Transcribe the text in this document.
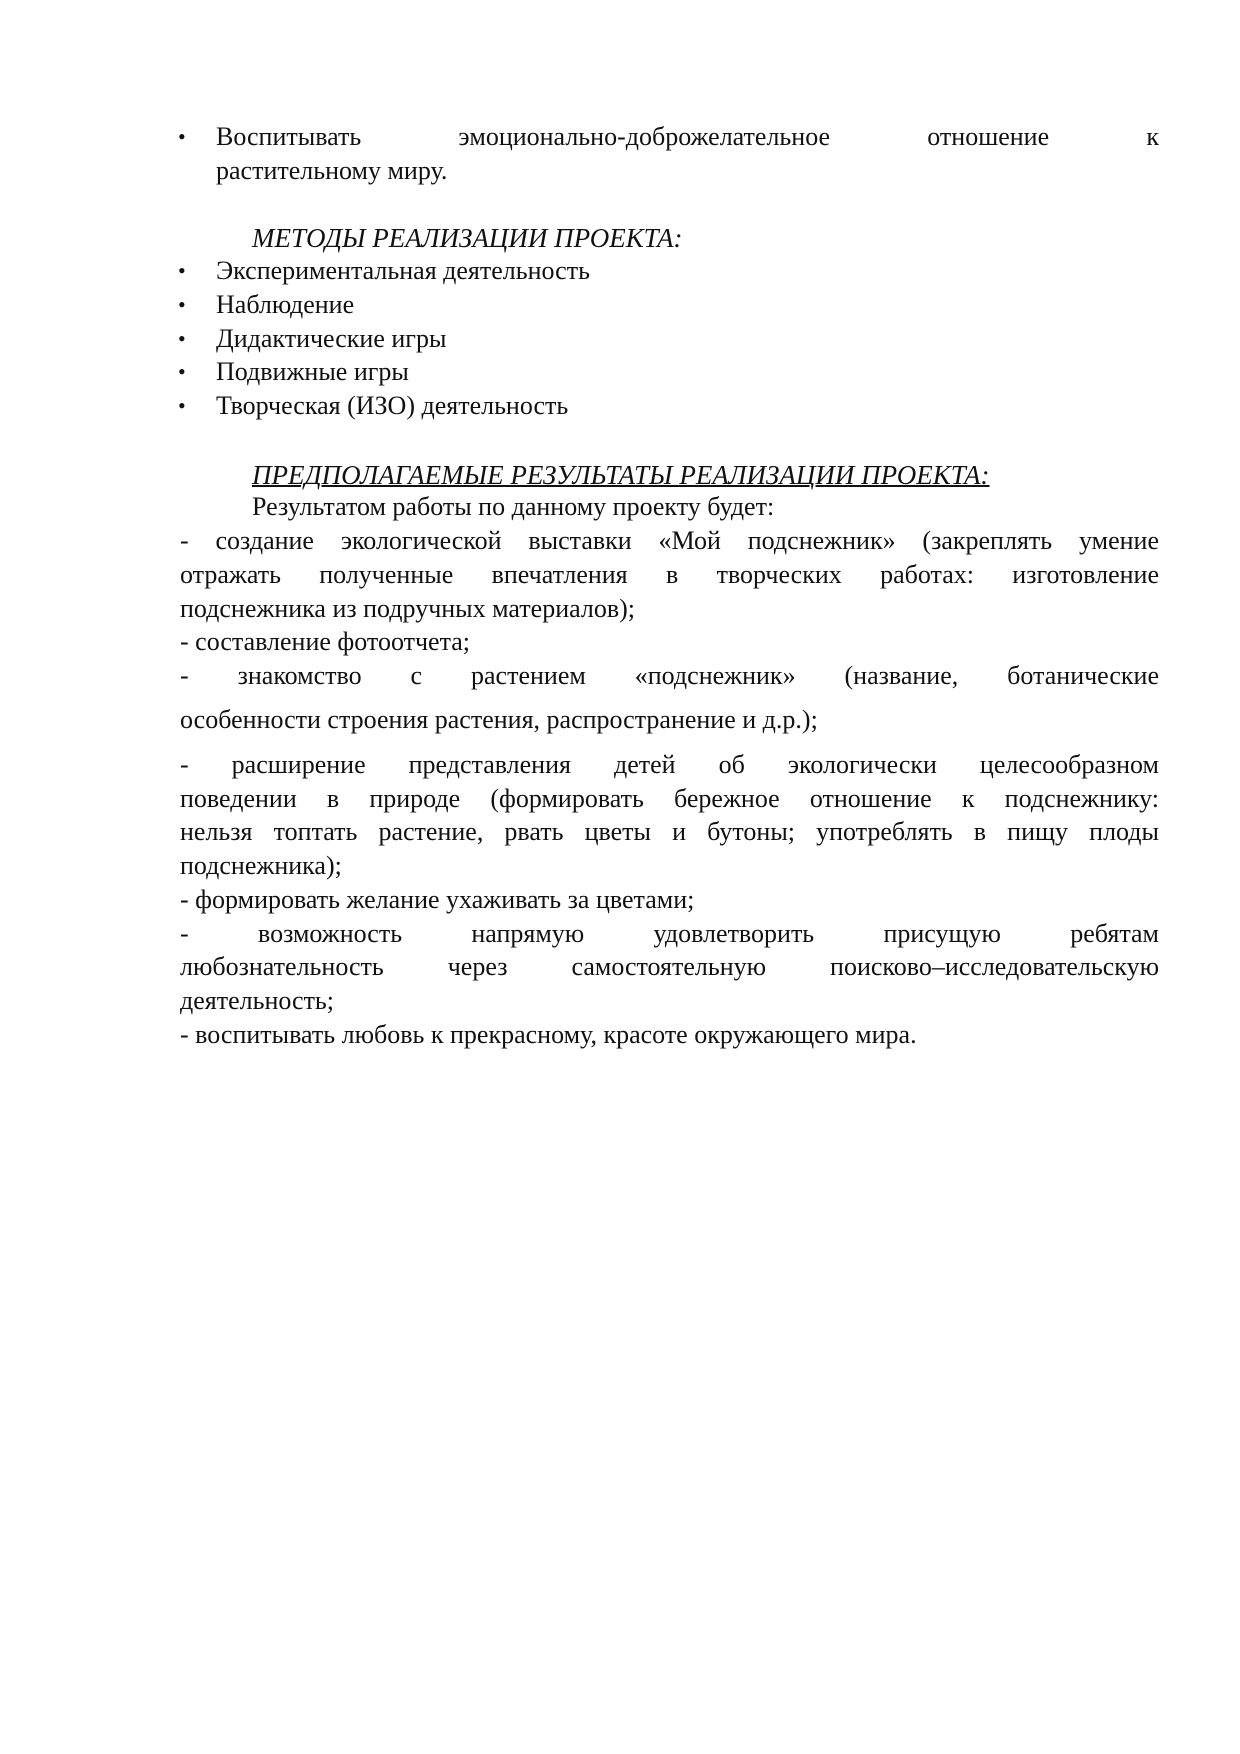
• Воспитывать эмоционально-доброжелательное отношение к
растительному миру.
МЕТОДЫ РЕАЛИЗАЦИИ ПРОЕКТА:
• Экспериментальная деятельность
• Наблюдение
• Дидактические игры
• Подвижные игры
• Творческая (ИЗО) деятельность
ПРЕДПОЛАГАЕМЫЕ РЕЗУЛЬТАТЫ РЕАЛИЗАЦИИ ПРОЕКТА:
Результатом работы по данному проекту будет:
- создание экологической выставки «Мой подснежник» (закреплять умение
отражать полученные впечатления в творческих работах: изготовление
подснежника из подручных материалов);
- составление фотоотчета;
- знакомство с растением «подснежник» (название, ботанические
особенности строения растения, распространение и д.р.);
- расширение представления детей об экологически целесообразном
поведении в природе (формировать бережное отношение к подснежнику:
нельзя топтать растение, рвать цветы и бутоны; употреблять в пищу плоды
подснежника);
- формировать желание ухаживать за цветами;
- возможность напрямую удовлетворить присущую ребятам
любознательность через самостоятельную поисково–исследовательскую
деятельность;
- воспитывать любовь к прекрасному, красоте окружающего мира.
